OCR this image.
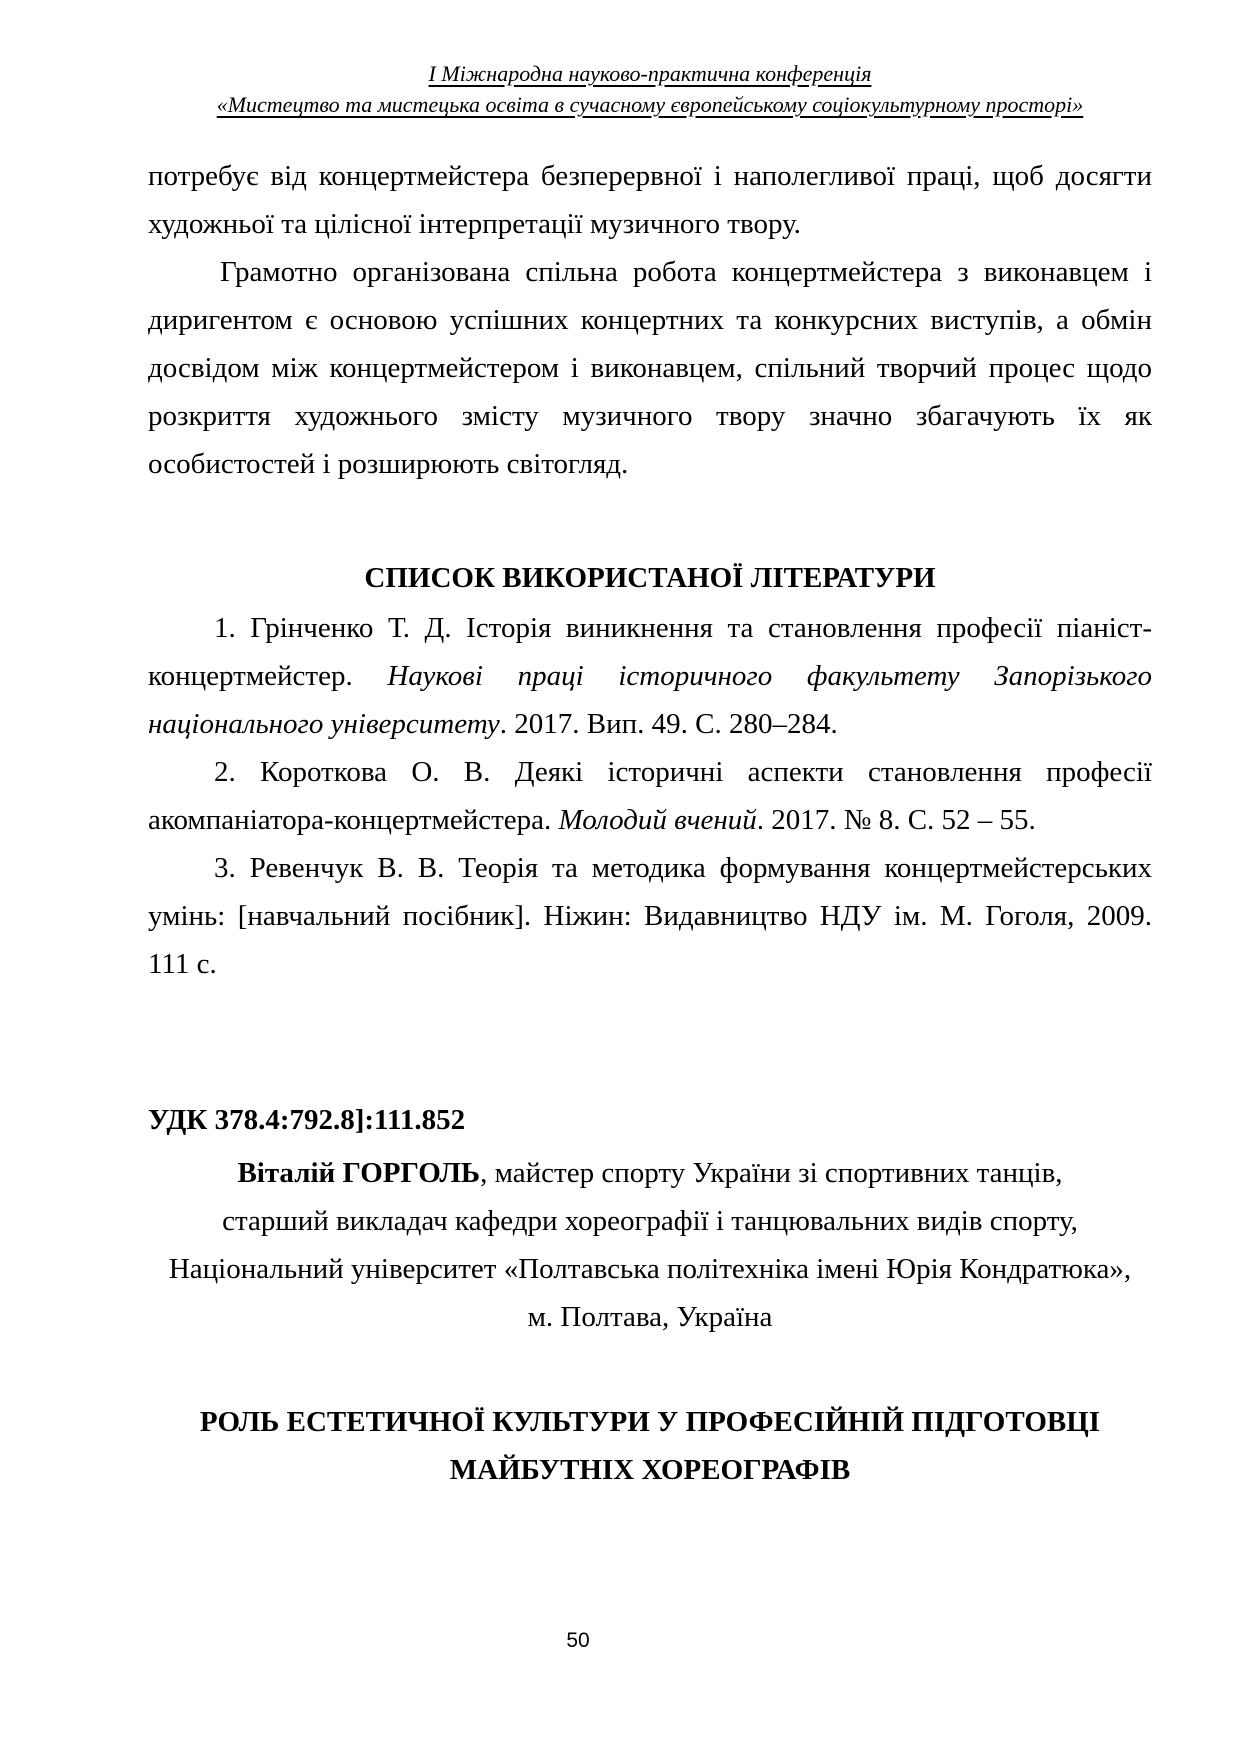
І Міжнародна науково-практична конференція
«Мистецтво та мистецька освіта в сучасному європейському соціокультурному просторі»

потребує від концертмейстера безперервної і наполегливої праці, щоб досягти художньої та цілісної інтерпретації музичного твору.

Грамотно організована спільна робота концертмейстера з виконавцем і диригентом є основою успішних концертних та конкурсних виступів, а обмін досвідом між концертмейстером і виконавцем, спільний творчий процес щодо розкриття художнього змісту музичного твору значно збагачують їх як особистостей і розширюють світогляд.

СПИСОК ВИКОРИСТАНОЇ ЛІТЕРАТУРИ

1. Грінченко Т. Д. Історія виникнення та становлення професії піаніст-концертмейстер. Наукові праці історичного факультету Запорізького національного університету. 2017. Вип. 49. С. 280–284.

2. Короткова О. В. Деякі історичні аспекти становлення професії акомпаніатора-концертмейстера. Молодий вчений. 2017. № 8. С. 52 – 55.

3. Ревенчук В. В. Теорія та методика формування концертмейстерських умінь: [навчальний посібник]. Ніжин: Видавництво НДУ ім. М. Гоголя, 2009. 111 с.

УДК 378.4:792.8]:111.852
Віталій ГОРГОЛЬ, майстер спорту України зі спортивних танців,
старший викладач кафедри хореографії і танцювальних видів спорту,
Національний університет «Полтавська політехніка імені Юрія Кондратюка»,
м. Полтава, Україна
РОЛЬ ЕСТЕТИЧНОЇ КУЛЬТУРИ У ПРОФЕСІЙНІЙ ПІДГОТОВЦІ МАЙБУТНІХ ХОРЕОГРАФІВ
50
